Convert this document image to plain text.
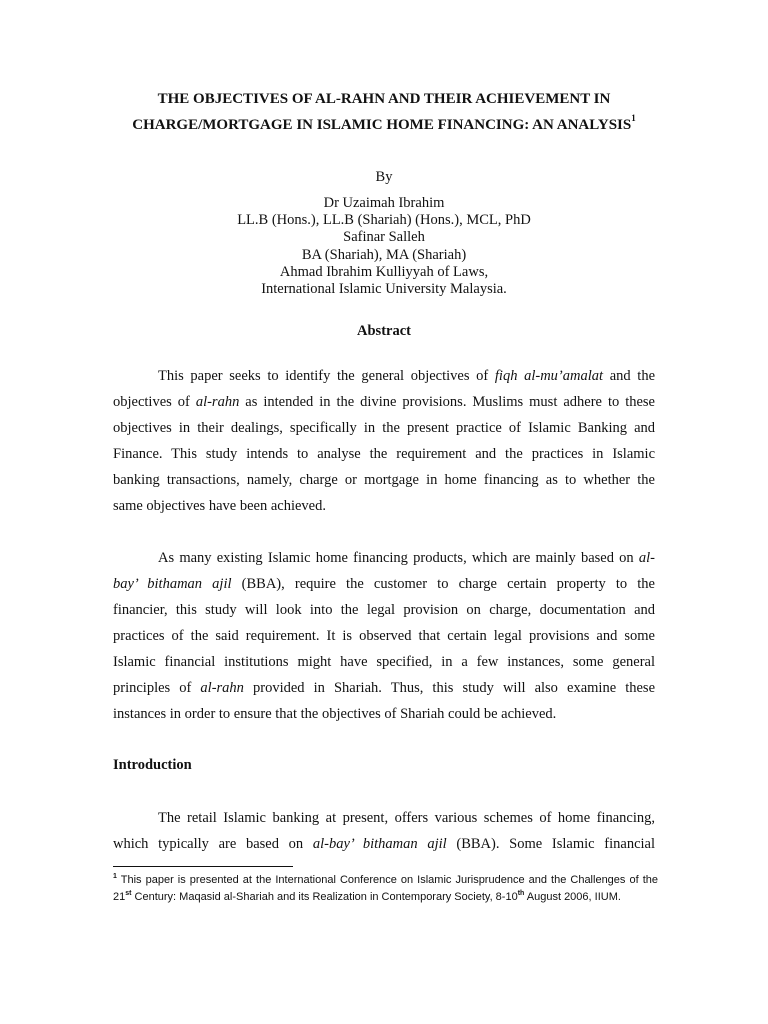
THE OBJECTIVES OF AL-RAHN AND THEIR ACHIEVEMENT IN
CHARGE/MORTGAGE IN ISLAMIC HOME FINANCING: AN ANALYSIS$^1$
By
Dr Uzaimah Ibrahim
LL.B (Hons.), LL.B (Shariah) (Hons.), MCL, PhD
Safinar Salleh
BA (Shariah), MA (Shariah)
Ahmad Ibrahim Kulliyyah of Laws,
International Islamic University Malaysia.
Abstract
This paper seeks to identify the general objectives of fiqh al-mu’amalat and the
objectives of al-rahn as intended in the divine provisions. Muslims must adhere to these
objectives in their dealings, specifically in the present practice of Islamic Banking and
Finance. This study intends to analyse the requirement and the practices in Islamic
banking transactions, namely, charge or mortgage in home financing as to whether the
same objectives have been achieved.
As many existing Islamic home financing products, which are mainly based on al-
bay’ bithaman ajil (BBA), require the customer to charge certain property to the
financier, this study will look into the legal provision on charge, documentation and
practices of the said requirement. It is observed that certain legal provisions and some
Islamic financial institutions might have specified, in a few instances, some general
principles of al-rahn provided in Shariah. Thus, this study will also examine these
instances in order to ensure that the objectives of Shariah could be achieved.
Introduction
The retail Islamic banking at present, offers various schemes of home financing,
which typically are based on al-bay’ bithaman ajil (BBA). Some Islamic financial
$^1$ This paper is presented at the International Conference on Islamic Jurisprudence and the Challenges of the
21st Century: Maqasid al-Shariah and its Realization in Contemporary Society, 8-10th August 2006, IIUM.
